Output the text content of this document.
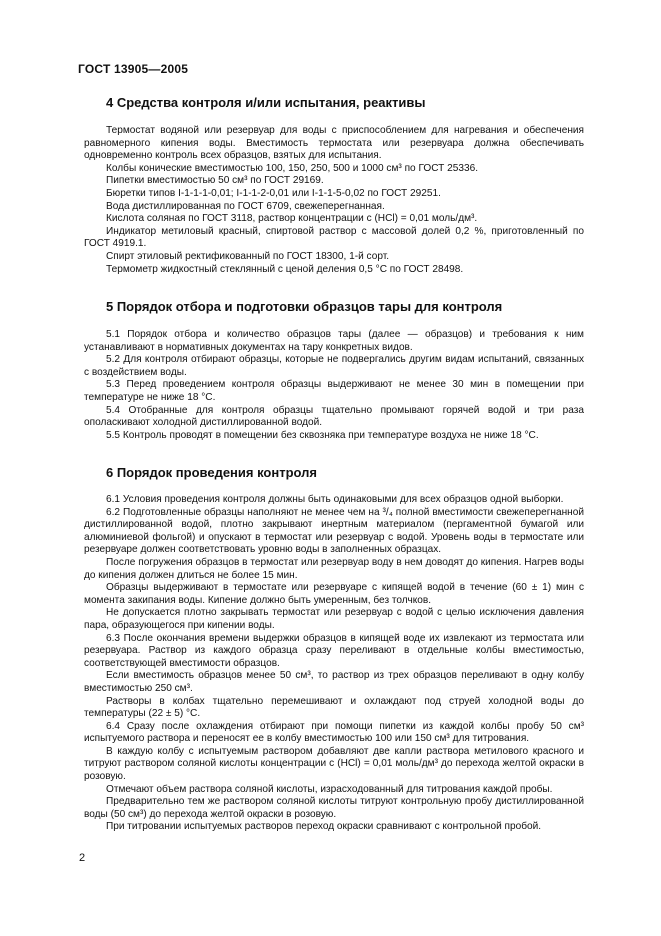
ГОСТ 13905—2005
4 Средства контроля и/или испытания, реактивы

Термостат водяной или резервуар для воды с приспособлением для нагревания и обеспечения равномерного кипения воды. Вместимость термостата или резервуара должна обеспечивать одновременно контроль всех образцов, взятых для испытания.

Колбы конические вместимостью 100, 150, 250, 500 и 1000 см³ по ГОСТ 25336.

Пипетки вместимостью 50 см³ по ГОСТ 29169.

Бюретки типов I-1-1-1-0,01; I-1-1-2-0,01 или I-1-1-5-0,02 по ГОСТ 29251.

Вода дистиллированная по ГОСТ 6709, свежеперегнанная.

Кислота соляная по ГОСТ 3118, раствор концентрации c (HCl) = 0,01 моль/дм³.

Индикатор метиловый красный, спиртовой раствор с массовой долей 0,2 %, приготовленный по ГОСТ 4919.1.

Спирт этиловый ректификованный по ГОСТ 18300, 1-й сорт.

Термометр жидкостный стеклянный с ценой деления 0,5 °C по ГОСТ 28498.

5 Порядок отбора и подготовки образцов тары для контроля

5.1 Порядок отбора и количество образцов тары (далее — образцов) и требования к ним устанавливают в нормативных документах на тару конкретных видов.

5.2 Для контроля отбирают образцы, которые не подвергались другим видам испытаний, связанных с воздействием воды.

5.3 Перед проведением контроля образцы выдерживают не менее 30 мин в помещении при температуре не ниже 18 °C.

5.4 Отобранные для контроля образцы тщательно промывают горячей водой и три раза ополаскивают холодной дистиллированной водой.

5.5 Контроль проводят в помещении без сквозняка при температуре воздуха не ниже 18 °C.

6 Порядок проведения контроля

6.1 Условия проведения контроля должны быть одинаковыми для всех образцов одной выборки.

6.2 Подготовленные образцы наполняют не менее чем на ³/₄ полной вместимости свежеперегнанной дистиллированной водой, плотно закрывают инертным материалом (пергаментной бумагой или алюминиевой фольгой) и опускают в термостат или резервуар с водой. Уровень воды в термостате или резервуаре должен соответствовать уровню воды в заполненных образцах.

После погружения образцов в термостат или резервуар воду в нем доводят до кипения. Нагрев воды до кипения должен длиться не более 15 мин.

Образцы выдерживают в термостате или резервуаре с кипящей водой в течение (60 ± 1) мин с момента закипания воды. Кипение должно быть умеренным, без толчков.

Не допускается плотно закрывать термостат или резервуар с водой с целью исключения давления пара, образующегося при кипении воды.

6.3 После окончания времени выдержки образцов в кипящей воде их извлекают из термостата или резервуара. Раствор из каждого образца сразу переливают в отдельные колбы вместимостью, соответствующей вместимости образцов.

Если вместимость образцов менее 50 см³, то раствор из трех образцов переливают в одну колбу вместимостью 250 см³.

Растворы в колбах тщательно перемешивают и охлаждают под струей холодной воды до температуры (22 ± 5) °C.

6.4 Сразу после охлаждения отбирают при помощи пипетки из каждой колбы пробу 50 см³ испытуемого раствора и переносят ее в колбу вместимостью 100 или 150 см³ для титрования.

В каждую колбу с испытуемым раствором добавляют две капли раствора метилового красного и титруют раствором соляной кислоты концентрации c (HCl) = 0,01 моль/дм³ до перехода желтой окраски в розовую.

Отмечают объем раствора соляной кислоты, израсходованный для титрования каждой пробы.

Предварительно тем же раствором соляной кислоты титруют контрольную пробу дистиллированной воды (50 см³) до перехода желтой окраски в розовую.

При титровании испытуемых растворов переход окраски сравнивают с контрольной пробой.

2
